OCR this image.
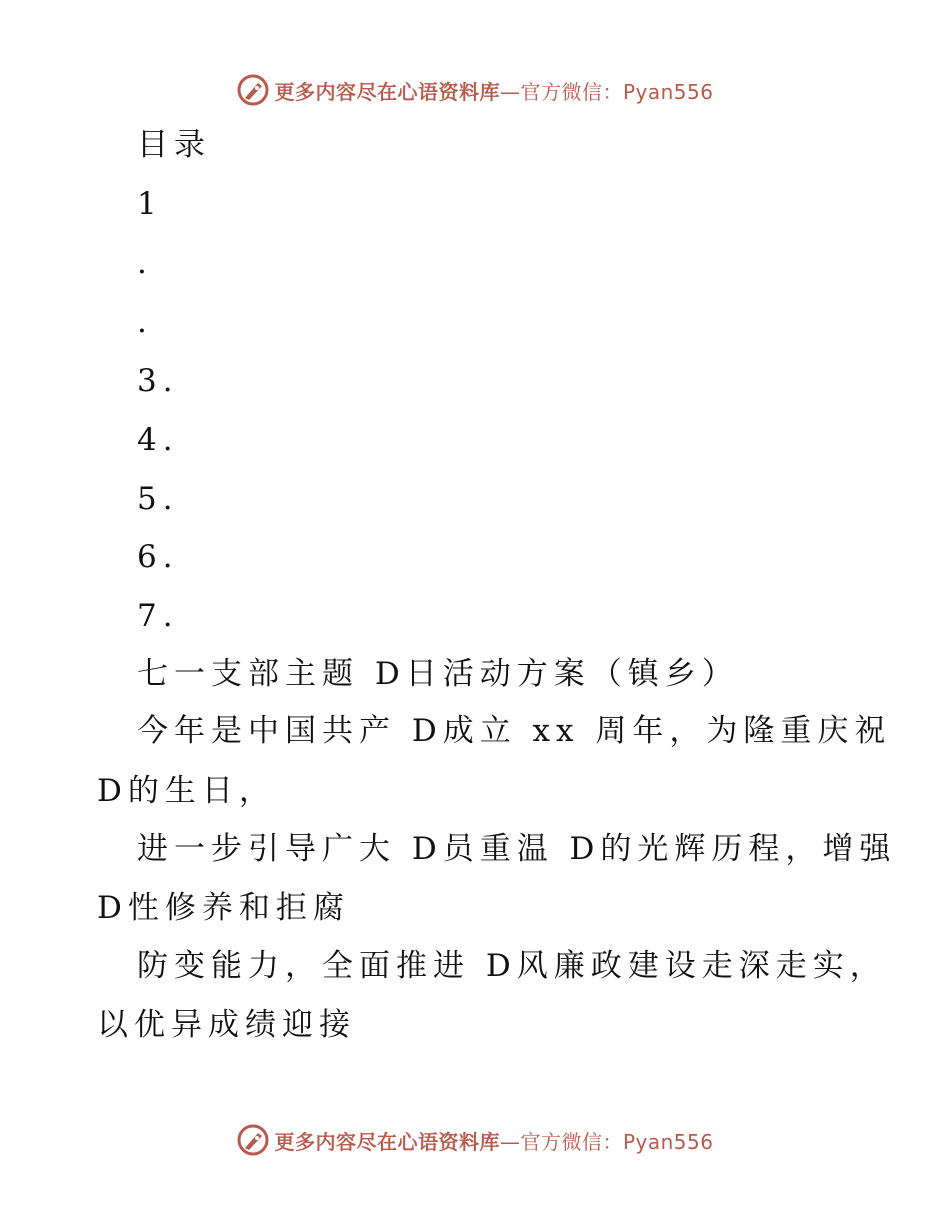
更多内容尽在心语资料库—官方微信：Pyan556
目录
1
.
.
3.
4.
5.
6.
7.
七一支部主题 D日活动方案（镇乡）
今年是中国共产 D成立 xx 周年，为隆重庆祝
D的生日，
进一步引导广大 D员重温 D的光辉历程，增强
D性修养和拒腐
防变能力，全面推进 D风廉政建设走深走实，
以优异成绩迎接
更多内容尽在心语资料库—官方微信：Pyan556
